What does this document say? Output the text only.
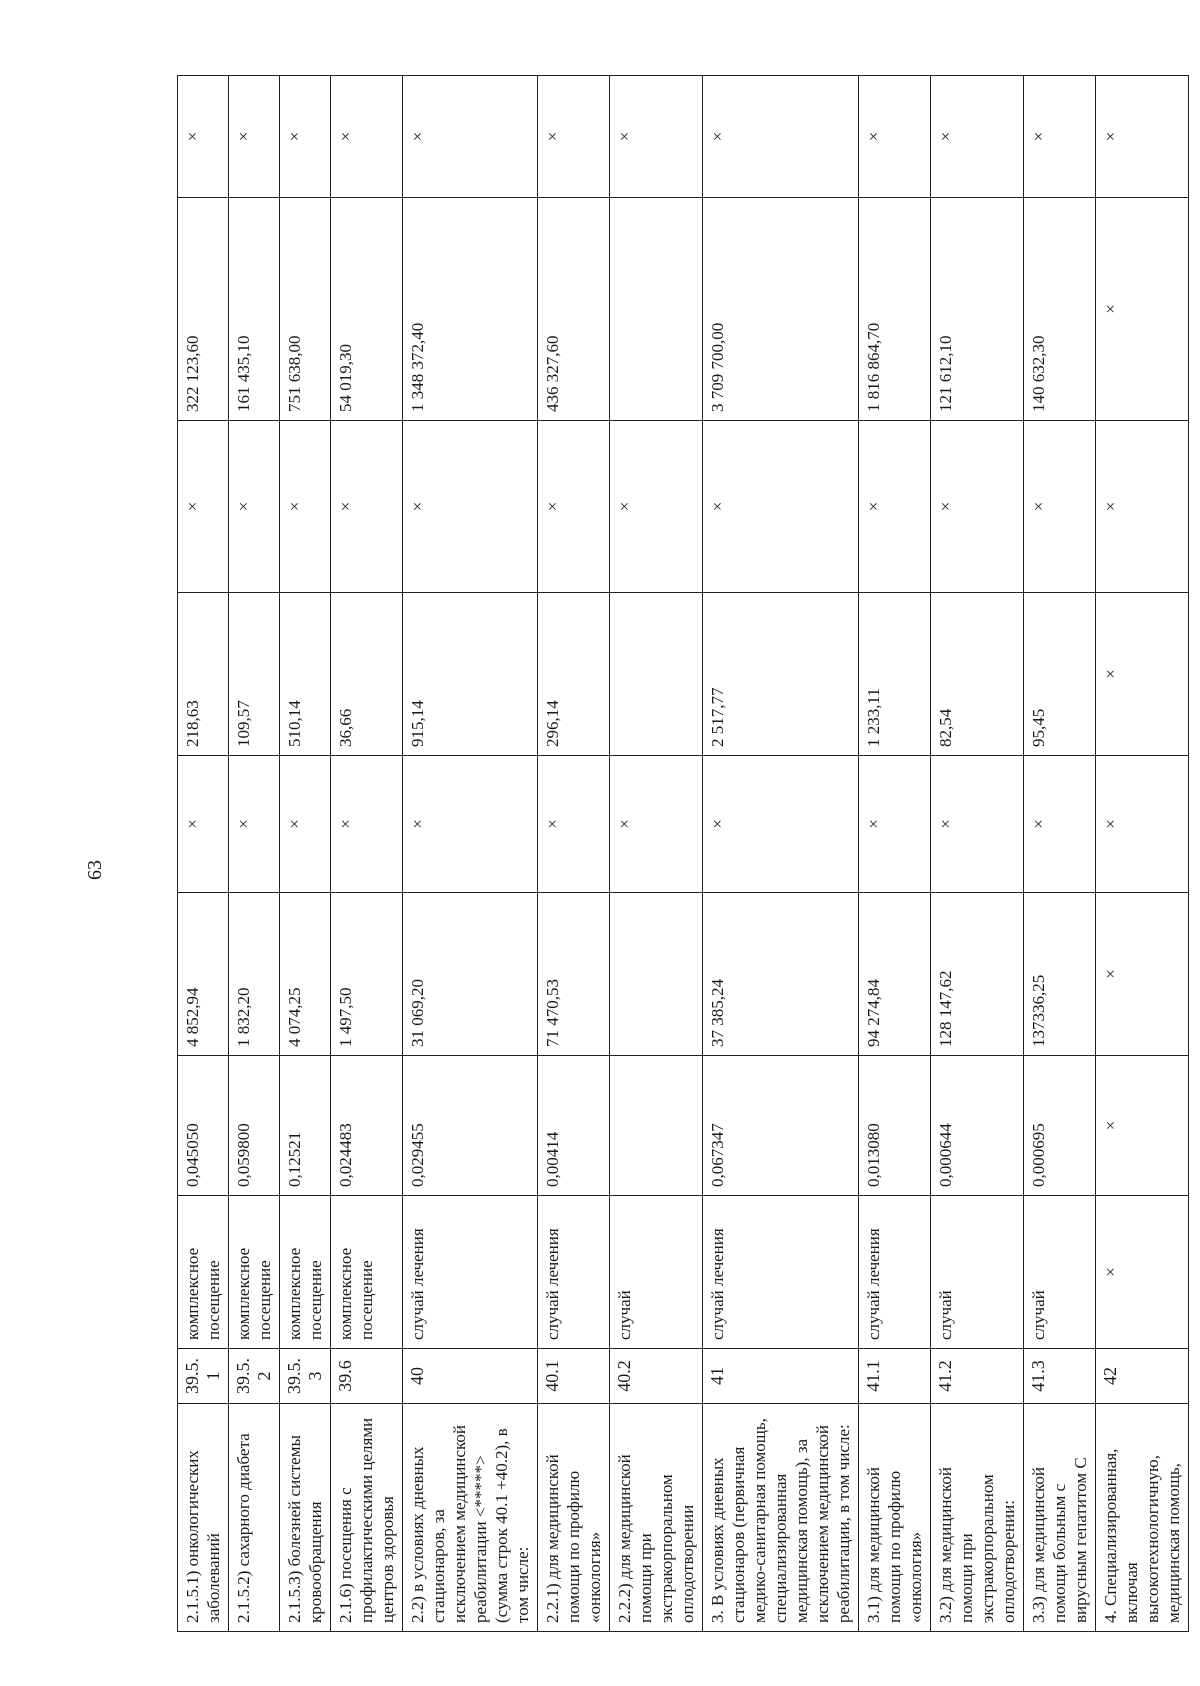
63
2.1.5.1) онкологических заболеваний	39.5.1	комплексное посещение	0,045050	4 852,94	×	218,63	×	322 123,60	×
2.1.5.2) сахарного диабета	39.5.2	комплексное посещение	0,059800	1 832,20	×	109,57	×	161 435,10	×
2.1.5.3) болезней системы кровообращения	39.5.3	комплексное посещение	0,12521	4 074,25	×	510,14	×	751 638,00	×
2.1.6) посещения с профилактическими целями центров здоровья	39.6	комплексное посещение	0,024483	1 497,50	×	36,66	×	54 019,30	×
2.2) в условиях дневных стационаров, за исключением медицинской реабилитации <*****> (сумма строк 40.1 +40.2), в том числе:	40	случай лечения	0,029455	31 069,20	×	915,14	×	1 348 372,40	×
2.2.1) для медицинской помощи по профилю «онкология»	40.1	случай лечения	0,00414	71 470,53	×	296,14	×	436 327,60	×
2.2.2) для медицинской помощи при экстракорпоральном оплодотворении	40.2	случай			×		×		×
3. В условиях дневных стационаров (первичная медико-санитарная помощь, специализированная медицинская помощь), за исключением медицинской реабилитации, в том числе:	41	случай лечения	0,067347	37 385,24	×	2 517,77	×	3 709 700,00	×
3.1) для медицинской помощи по профилю «онкология»	41.1	случай лечения	0,013080	94 274,84	×	1 233,11	×	1 816 864,70	×
3.2) для медицинской помощи при экстракорпоральном оплодотворении:	41.2	случай	0,000644	128 147,62	×	82,54	×	121 612,10	×
3.3) для медицинской помощи больным с вирусным гепатитом С	41.3	случай	0,000695	137336,25	×	95,45	×	140 632,30	×
4. Специализированная, включая высокотехнологичную, медицинская помощь,	42	×	×	×	×	×	×	×	×
